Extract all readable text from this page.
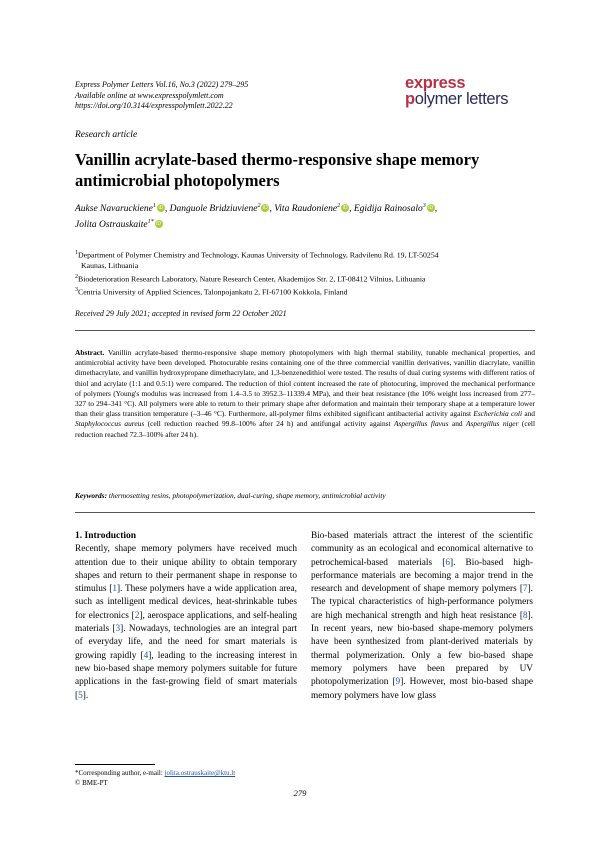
Express Polymer Letters Vol.16, No.3 (2022) 279–295
Available online at www.expresspolymlett.com
https://doi.org/10.3144/expresspolymlett.2022.22
express
polymer letters
Research article
Vanillin acrylate-based thermo-responsive shape memory antimicrobial photopolymers
Aukse Navaruckiene$^1$ iD , Danguole Bridziuviene$^2$ iD , Vita Raudoniene$^2$ iD , Egidija Rainosalo$^3$ iD ,
Jolita Ostrauskaite$^{1*}$ iD
$^1$Department of Polymer Chemistry and Technology, Kaunas University of Technology, Radvilenu Rd. 19, LT-50254
Kaunas, Lithuania
$^2$Biodeterioration Research Laboratory, Nature Research Center, Akademijos Str. 2, LT-08412 Vilnius, Lithuania
$^3$Centria University of Applied Sciences, Talonpojankatu 2, FI-67100 Kokkola, Finland
Received 29 July 2021; accepted in revised form 22 October 2021
Abstract. Vanillin acrylate-based thermo-responsive shape memory photopolymers with high thermal stability, tunable mechanical properties, and antimicrobial activity have been developed. Photocurable resins containing one of the three commercial vanillin derivatives, vanillin diacrylate, vanillin dimethacrylate, and vanillin hydroxypropane dimethacrylate, and 1,3-benzenedithiol were tested. The results of dual curing systems with different ratios of thiol and acrylate (1:1 and 0.5:1) were compared. The reduction of thiol content increased the rate of photocuring, improved the mechanical performance of polymers (Young's modulus was increased from 1.4–3.5 to 3952.3–11339.4 MPa), and their heat resistance (the 10% weight loss increased from 277–327 to 294–341 °C). All polymers were able to return to their primary shape after deformation and maintain their temporary shape at a temperature lower than their glass transition temperature (–3–46 °C). Furthermore, all-polymer films exhibited significant antibacterial activity against Escherichia coli and Staphylococcus aureus (cell reduction reached 99.8–100% after 24 h) and antifungal activity against Aspergillus flavus and Aspergillus niger (cell reduction reached 72.3–100% after 24 h).
Keywords: thermosetting resins, photopolymerization, dual-curing, shape memory, antimicrobial activity
1. Introduction
Recently, shape memory polymers have received much attention due to their unique ability to obtain temporary shapes and return to their permanent shape in response to stimulus [1]. These polymers have a wide application area, such as intelligent medical devices, heat-shrinkable tubes for electronics [2], aerospace applications, and self-healing materials [3]. Nowadays, technologies are an integral part of everyday life, and the need for smart materials is growing rapidly [4], leading to the increasing interest in new bio-based shape memory polymers suitable for future applications in the fast-growing field of smart materials [5].
Bio-based materials attract the interest of the scientific community as an ecological and economical alternative to petrochemical-based materials [6]. Bio-based high-performance materials are becoming a major trend in the research and development of shape memory polymers [7]. The typical characteristics of high-performance polymers are high mechanical strength and high heat resistance [8]. In recent years, new bio-based shape-memory polymers have been synthesized from plant-derived materials by thermal polymerization. Only a few bio-based shape memory polymers have been prepared by UV photopolymerization [9]. However, most bio-based shape memory polymers have low glass
*Corresponding author, e-mail: jolita.ostrauskaite@ktu.lt
© BME-PT
279
